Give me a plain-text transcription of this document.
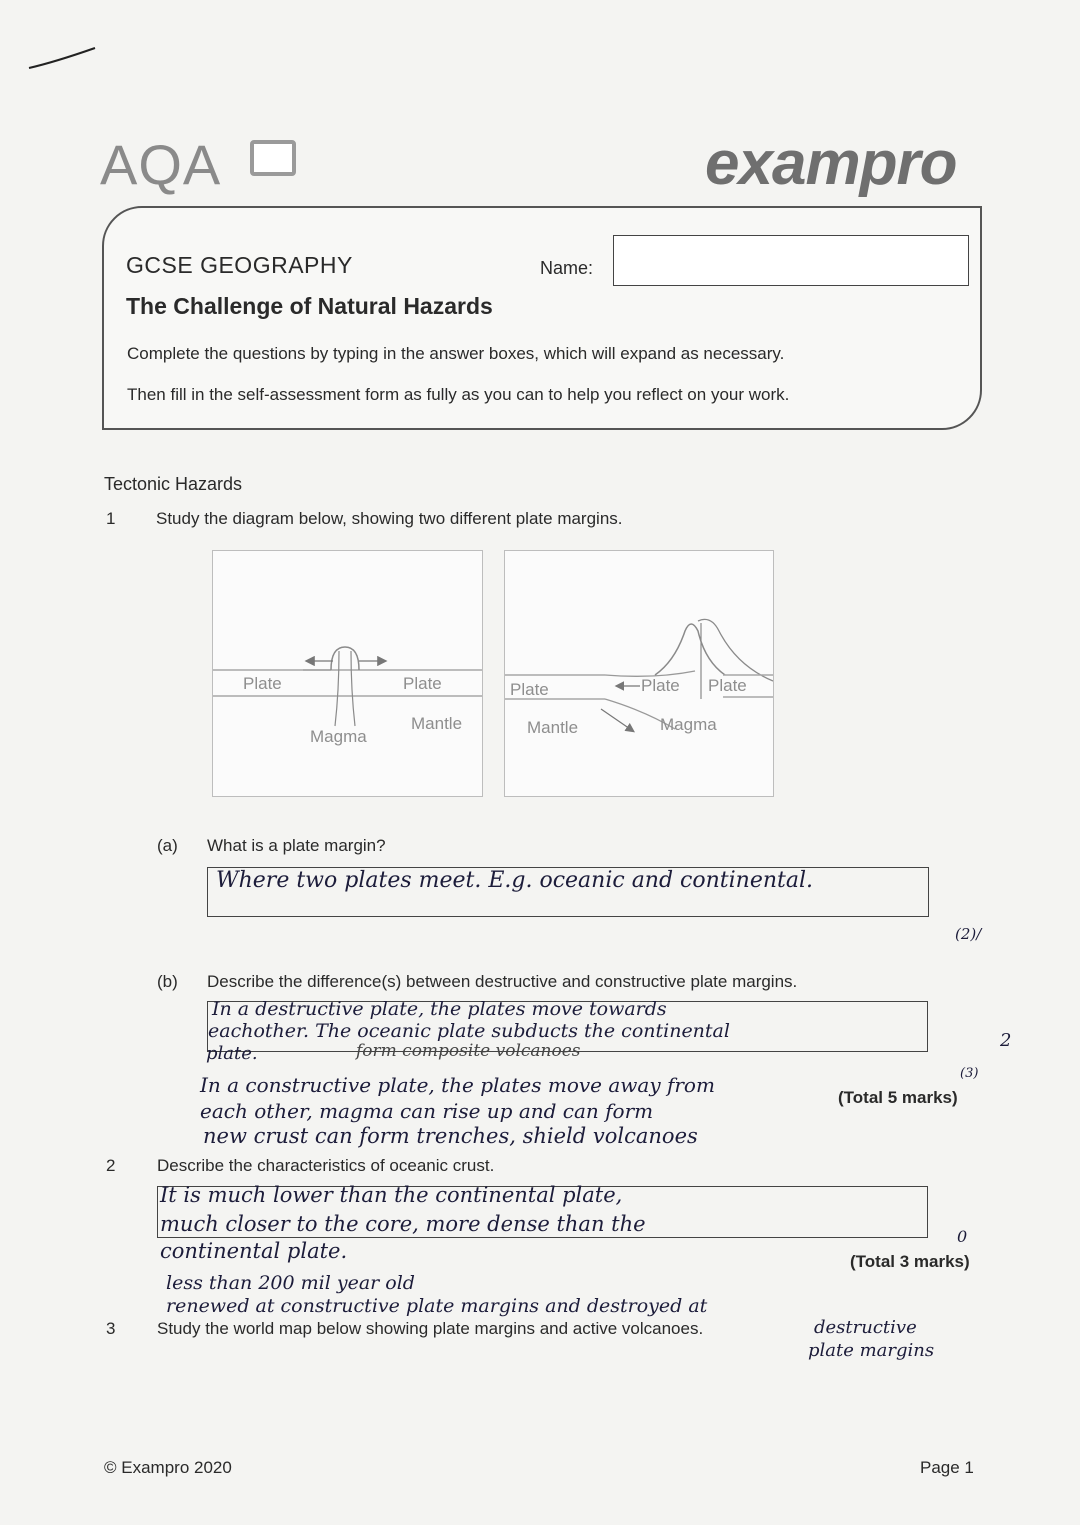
AQA	exampro
GCSE GEOGRAPHY
The Challenge of Natural Hazards
Name:
Complete the questions by typing in the answer boxes, which will expand as necessary.
Then fill in the self-assessment form as fully as you can to help you reflect on your work.
Tectonic Hazards
1 Study the diagram below, showing two different plate margins.
Plate	Plate
Mantle
Magma
Plate	Plate Plate
Mantle	Magma
(a) What is a plate margin?
Where two plates meet. E.g. oceanic and continental.
(2)/
(b) Describe the difference(s) between destructive and constructive plate margins.
In a destructive plate, the plates move towards
eachother. The oceanic plate subducts the continental
plate.	form composite volcanoes
In a constructive plate, the plates move away from
each other, magma can rise up and can form
new crust can form trenches, shield volcanoes
2
(3)
(Total 5 marks)
2 Describe the characteristics of oceanic crust.
It is much lower than the continental plate,
much closer to the core, more dense than the
continental plate.
less than 200 mil year old
renewed at constructive plate margins and destroyed at
destructive
plate margins
0
(Total 3 marks)
3 Study the world map below showing plate margins and active volcanoes.
© Exampro 2020	Page 1
